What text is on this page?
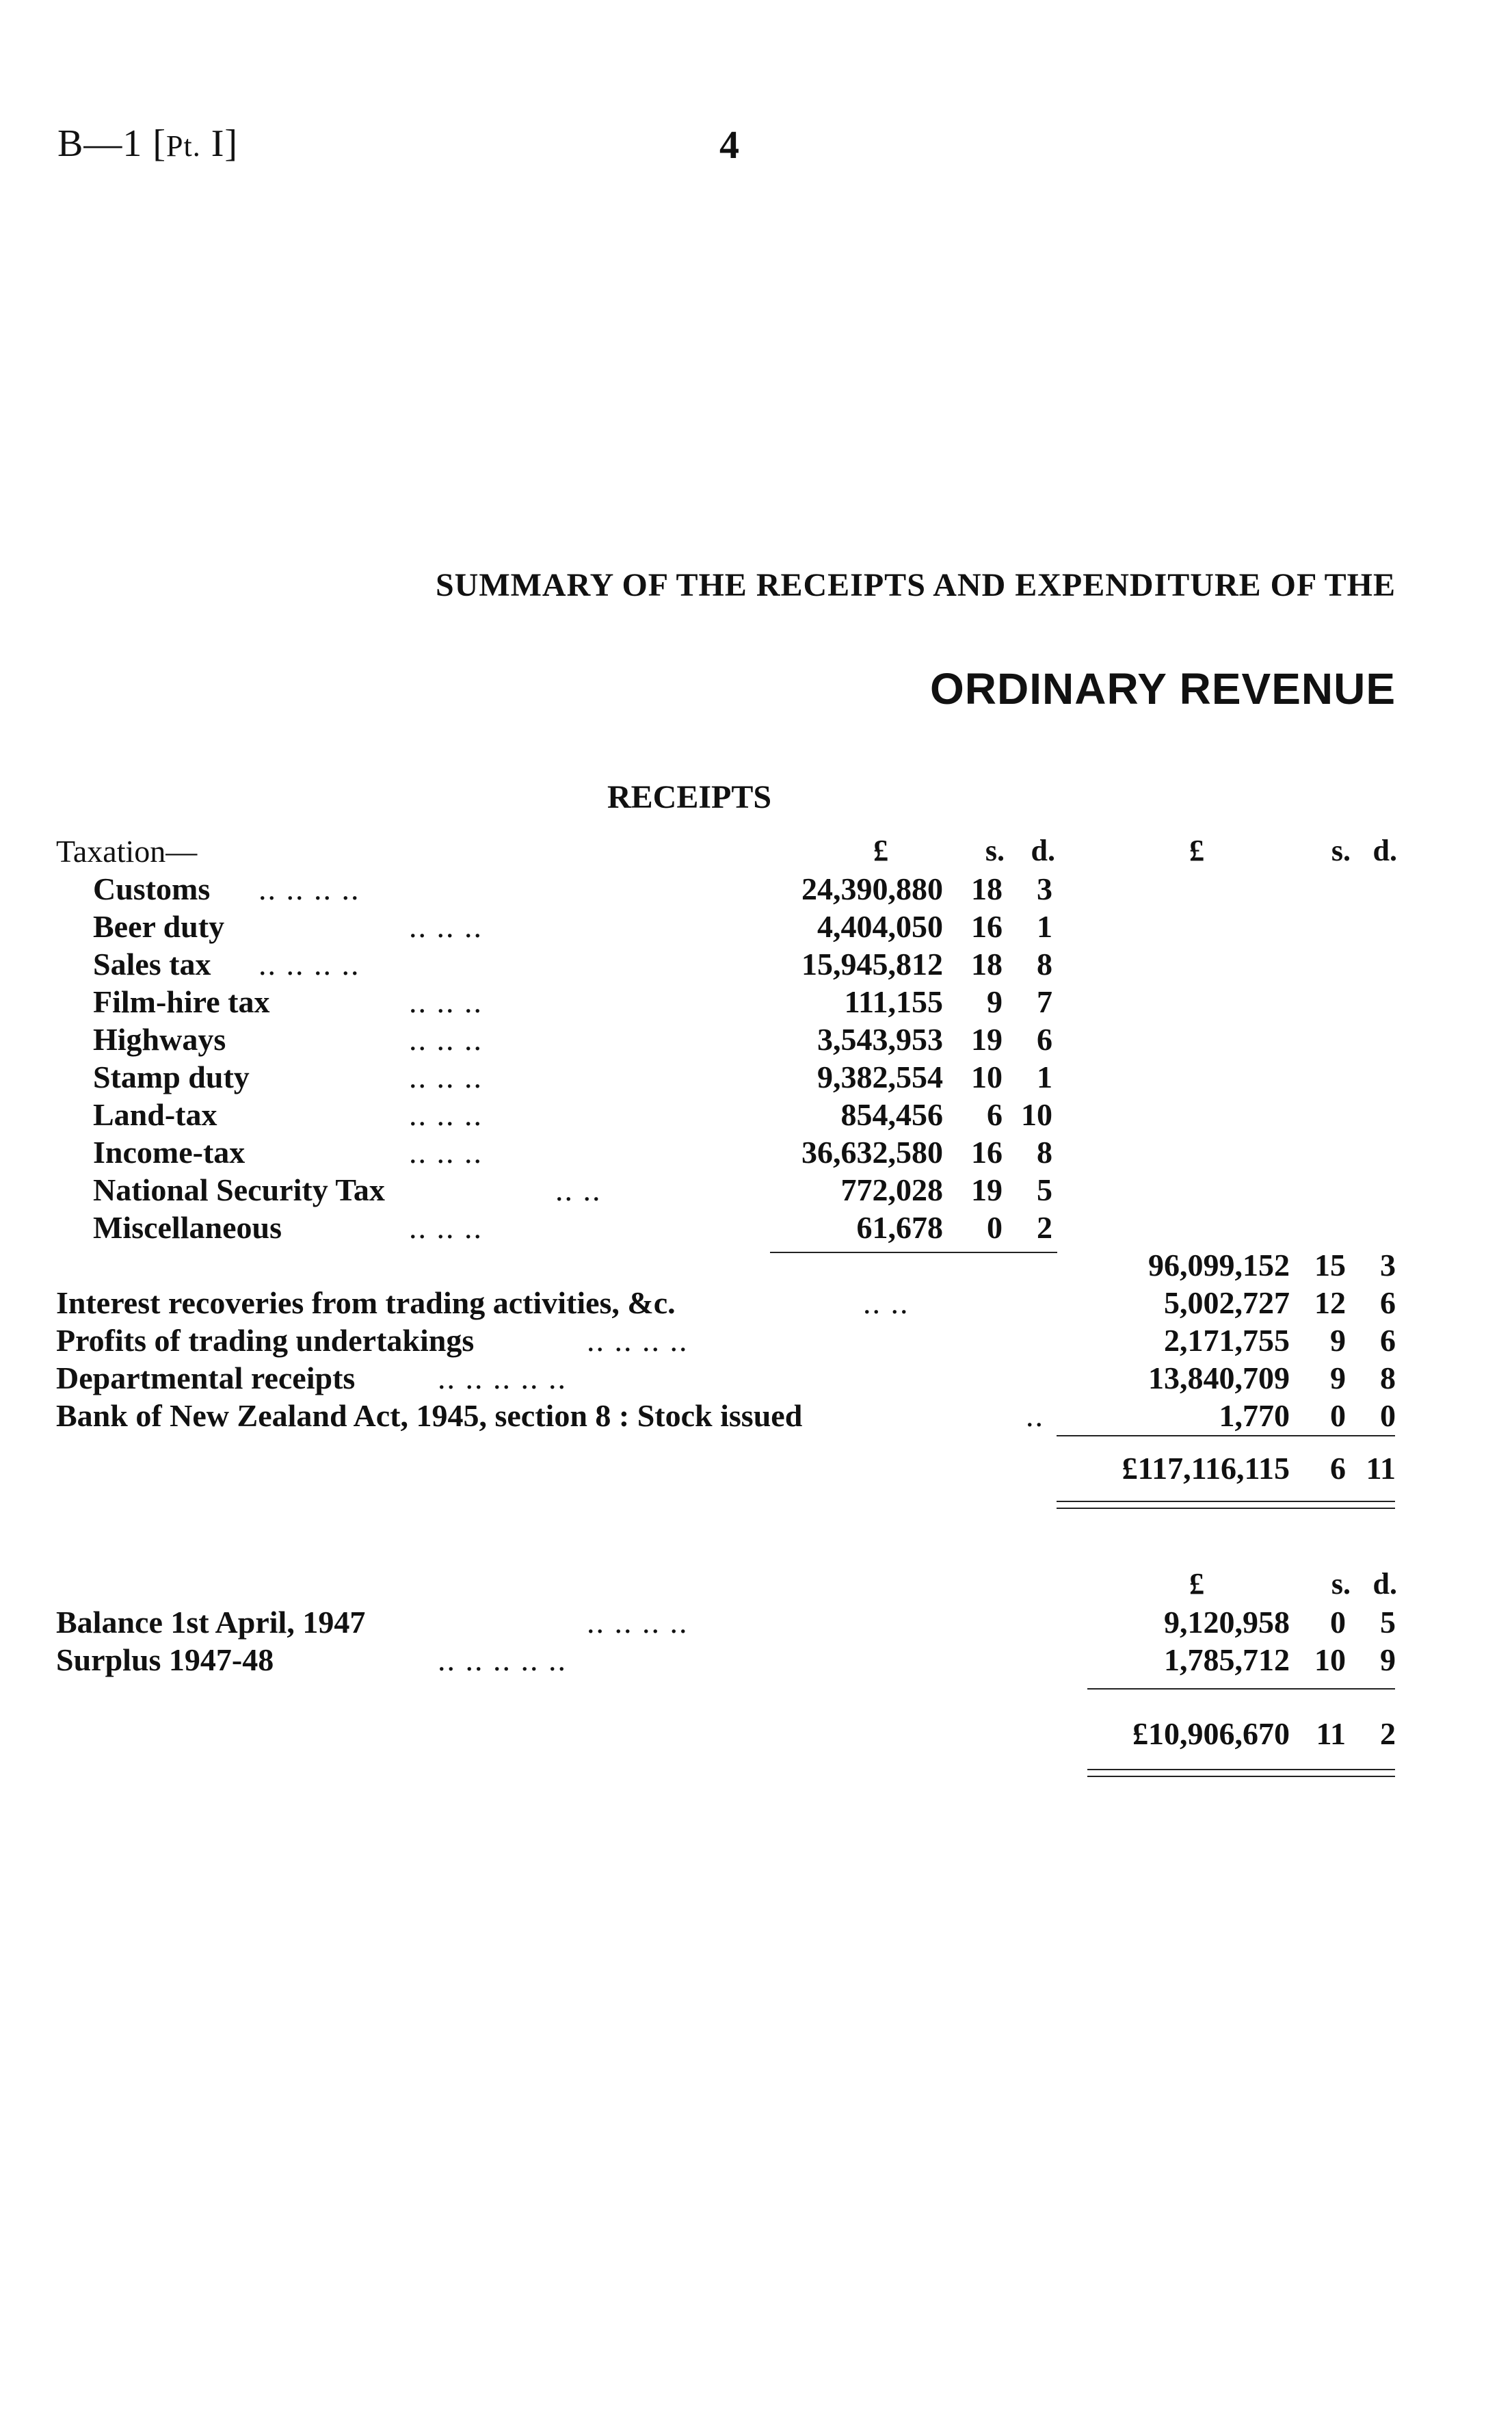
B—1 [Pt. I]	4
SUMMARY OF THE RECEIPTS AND EXPENDITURE OF THE
ORDINARY REVENUE
RECEIPTS
Taxation—	£	s. d.	£	s. d.
Customs .. .. .. ..	24,390,880 18 3
Beer duty	.. .. ..	4,404,050 16 1
Sales tax .. .. .. ..	15,945,812 18 8
Film-hire tax	.. .. ..	111,155 9 7
Highways	.. .. ..	3,543,953 19 6
Stamp duty	.. .. ..	9,382,554 10 1
Land-tax	.. .. ..	854,456 6 10
Income-tax	.. .. ..	36,632,580 16 8
National Security Tax	.. ..	772,028 19 5
Miscellaneous	.. .. ..	61,678 0 2
96,099,152 15 3
Interest recoveries from trading activities, &c.	.. ..	5,002,727 12 6
Profits of trading undertakings	.. .. .. ..	2,171,755 9 6
Departmental receipts	.. .. .. .. ..	13,840,709 9 8
Bank of New Zealand Act, 1945, section 8 : Stock issued	..	1,770 0 0
£117,116,115 6 11
£	s. d.
Balance 1st April, 1947	.. .. .. ..	9,120,958 0 5
Surplus 1947-48	.. .. .. .. ..	1,785,712 10 9
£10,906,670 11 2
